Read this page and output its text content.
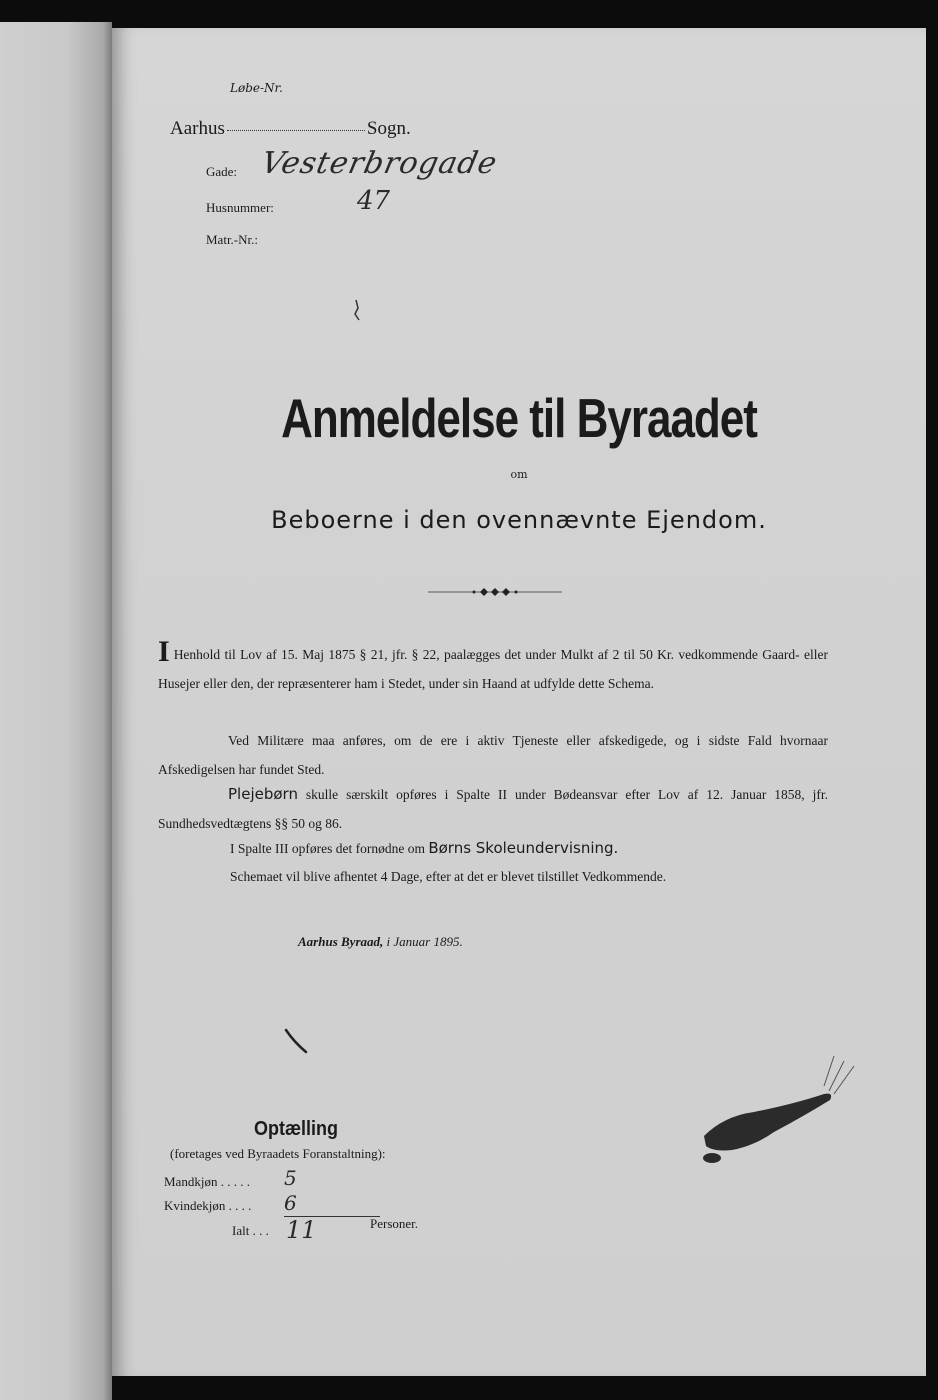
Løbe-Nr.
Aarhus	Sogn.
Gade: Vesterbrogade
Husnummer:	47
Matr.-Nr.:
Anmeldelse til Byraadet
om
Beboerne i den ovennævnte Ejendom.
I Henhold til Lov af 15. Maj 1875 § 21, jfr. § 22, paalægges det under Mulkt af 2 til 50 Kr. vedkommende Gaard- eller Husejer eller den, der repræsenterer ham i Stedet, under sin Haand at udfylde dette Schema.
Ved Militære maa anføres, om de ere i aktiv Tjeneste eller afskedigede, og i sidste Fald hvornaar Afskedigelsen har fundet Sted.
Plejebørn skulle særskilt opføres i Spalte II under Bødeansvar efter Lov af 12. Januar 1858, jfr. Sundhedsvedtægtens §§ 50 og 86.
I Spalte III opføres det fornødne om Børns Skoleundervisning.
Schemaet vil blive afhentet 4 Dage, efter at det er blevet tilstillet Vedkommende.
Aarhus Byraad, i Januar 1895.
Optælling
(foretages ved Byraadets Foranstaltning):
Mandkjøn . . . . . 5
Kvindekjøn . . . . 6
Ialt . . . 11	Personer.
